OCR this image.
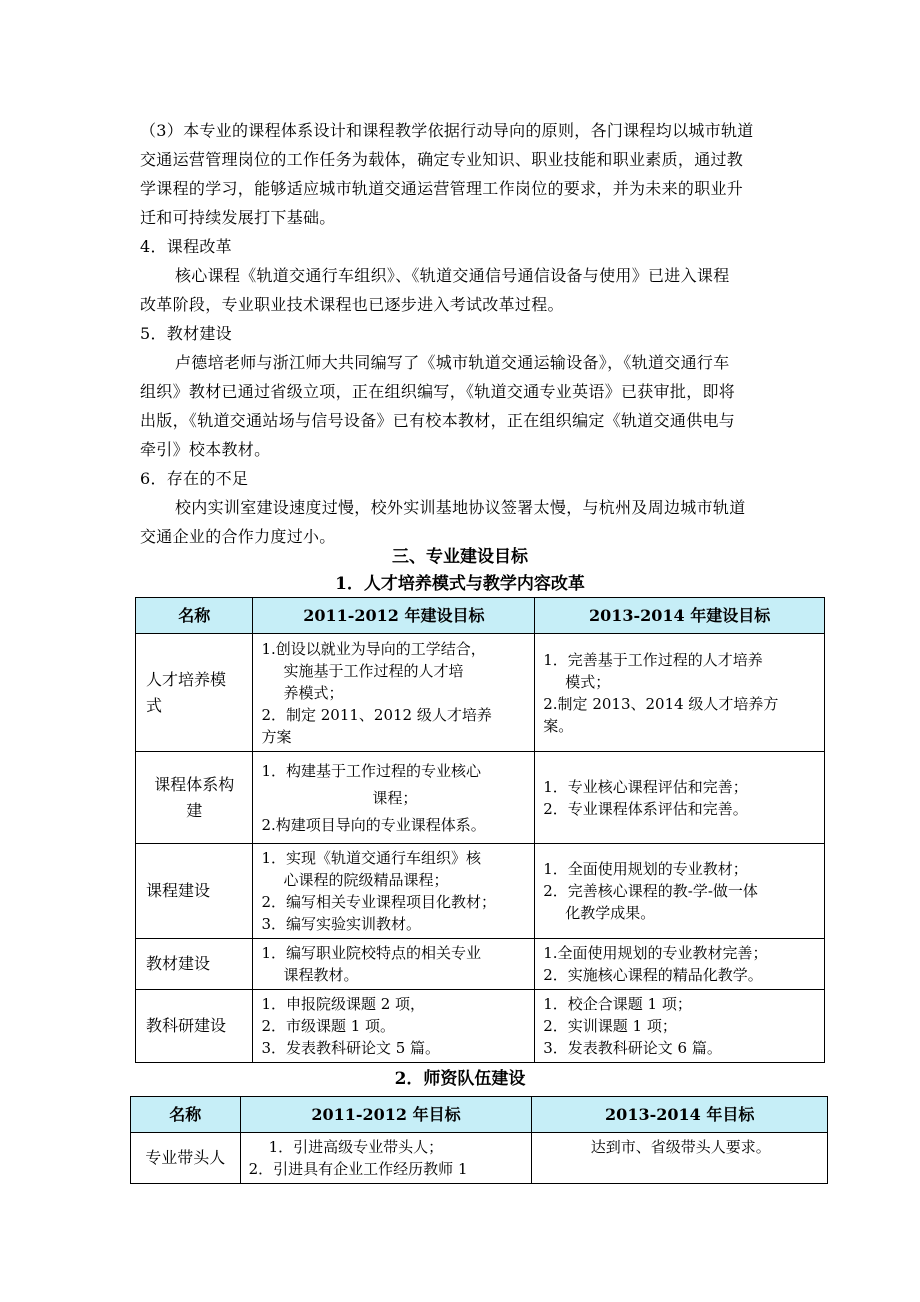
（3）本专业的课程体系设计和课程教学依据行动导向的原则，各门课程均以城市轨道
交通运营管理岗位的工作任务为载体，确定专业知识、职业技能和职业素质，通过教
学课程的学习，能够适应城市轨道交通运营管理工作岗位的要求，并为未来的职业升
迁和可持续发展打下基础。
4．课程改革
核心课程《轨道交通行车组织》、《轨道交通信号通信设备与使用》已进入课程
改革阶段，专业职业技术课程也已逐步进入考试改革过程。
5．教材建设
卢德培老师与浙江师大共同编写了《城市轨道交通运输设备》，《轨道交通行车
组织》教材已通过省级立项，正在组织编写，《轨道交通专业英语》已获审批，即将
出版，《轨道交通站场与信号设备》已有校本教材，正在组织编定《轨道交通供电与
牵引》校本教材。
6．存在的不足
校内实训室建设速度过慢，校外实训基地协议签署太慢，与杭州及周边城市轨道
交通企业的合作力度过小。
三、专业建设目标
1．人才培养模式与教学内容改革
名称	2011-2012 年建设目标	2013-2014 年建设目标

人才培养模
式	1.创设以就业为导向的工学结合，
实施基于工作过程的人才培
养模式；
2．制定 2011、2012 级人才培养
方案	1．完善基于工作过程的人才培养
模式；
2.制定 2013、2014 级人才培养方
案。

课程体系构
建	1．构建基于工作过程的专业核心
课程；
2.构建项目导向的专业课程体系。	1．专业核心课程评估和完善；
2．专业课程体系评估和完善。

课程建设	1．实现《轨道交通行车组织》核
心课程的院级精品课程；
2．编写相关专业课程项目化教材；
3．编写实验实训教材。	1．全面使用规划的专业教材；
2．完善核心课程的教-学-做一体
化教学成果。

教材建设	1．编写职业院校特点的相关专业
课程教材。	1.全面使用规划的专业教材完善；
2．实施核心课程的精品化教学。

教科研建设	1．申报院级课题 2 项，
2．市级课题 1 项。
3．发表教科研论文 5 篇。	1．校企合课题 1 项；
2．实训课题 1 项；
3．发表教科研论文 6 篇。
2．师资队伍建设
名称	2011-2012 年目标	2013-2014 年目标

专业带头人	1．引进高级专业带头人；
2．引进具有企业工作经历教师 1	达到市、省级带头人要求。
